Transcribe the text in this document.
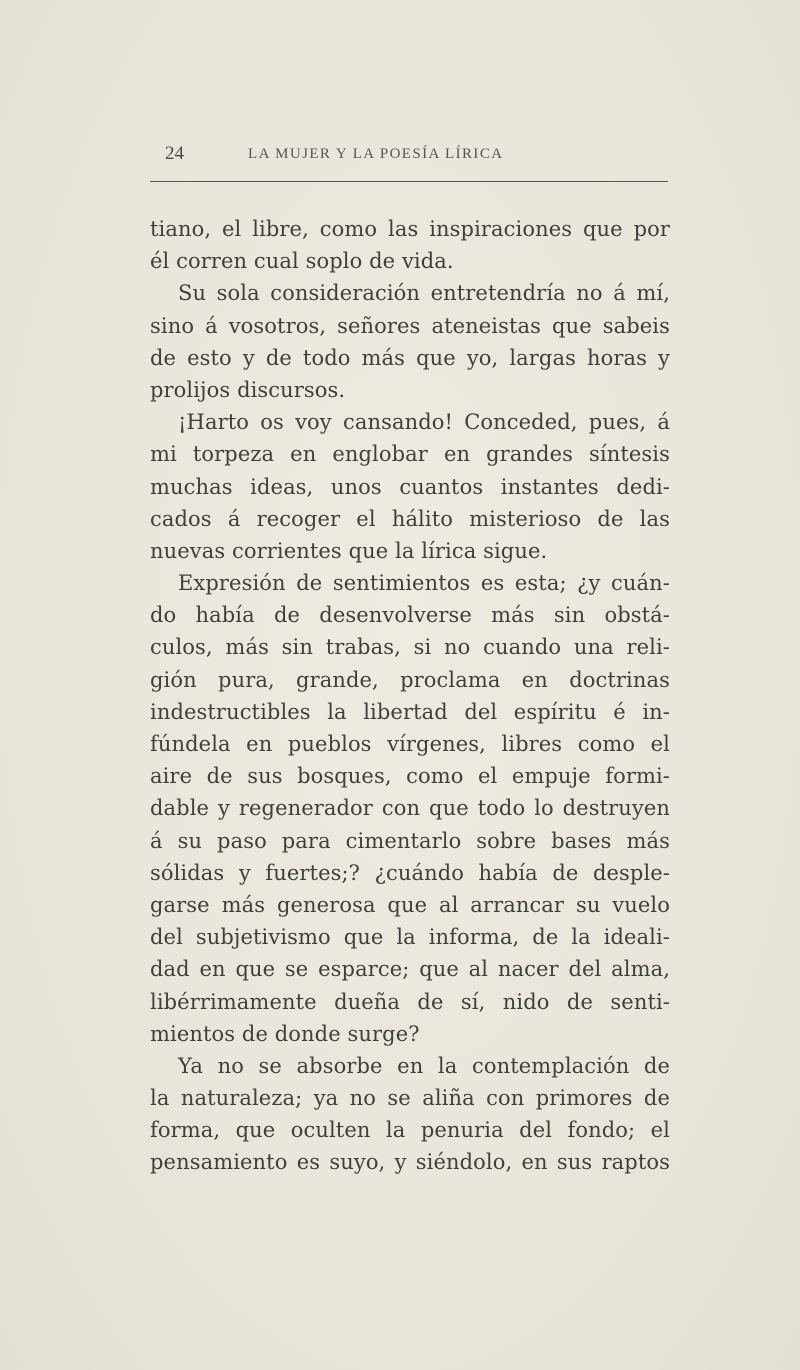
24	LA MUJER Y LA POESÍA LÍRICA
tiano, el libre, como las inspiraciones que por
él corren cual soplo de vida.
Su sola consideración entretendría no á mí,
sino á vosotros, señores ateneistas que sabeis
de esto y de todo más que yo, largas horas y
prolijos discursos.
¡Harto os voy cansando! Conceded, pues, á
mi torpeza en englobar en grandes síntesis
muchas ideas, unos cuantos instantes dedi-
cados á recoger el hálito misterioso de las
nuevas corrientes que la lírica sigue.
Expresión de sentimientos es esta; ¿y cuán-
do había de desenvolverse más sin obstá-
culos, más sin trabas, si no cuando una reli-
gión pura, grande, proclama en doctrinas
indestructibles la libertad del espíritu é in-
fúndela en pueblos vírgenes, libres como el
aire de sus bosques, como el empuje formi-
dable y regenerador con que todo lo destruyen
á su paso para cimentarlo sobre bases más
sólidas y fuertes;? ¿cuándo había de desple-
garse más generosa que al arrancar su vuelo
del subjetivismo que la informa, de la ideali-
dad en que se esparce; que al nacer del alma,
libérrimamente dueña de sí, nido de senti-
mientos de donde surge?
Ya no se absorbe en la contemplación de
la naturaleza; ya no se aliña con primores de
forma, que oculten la penuria del fondo; el
pensamiento es suyo, y siéndolo, en sus raptos
